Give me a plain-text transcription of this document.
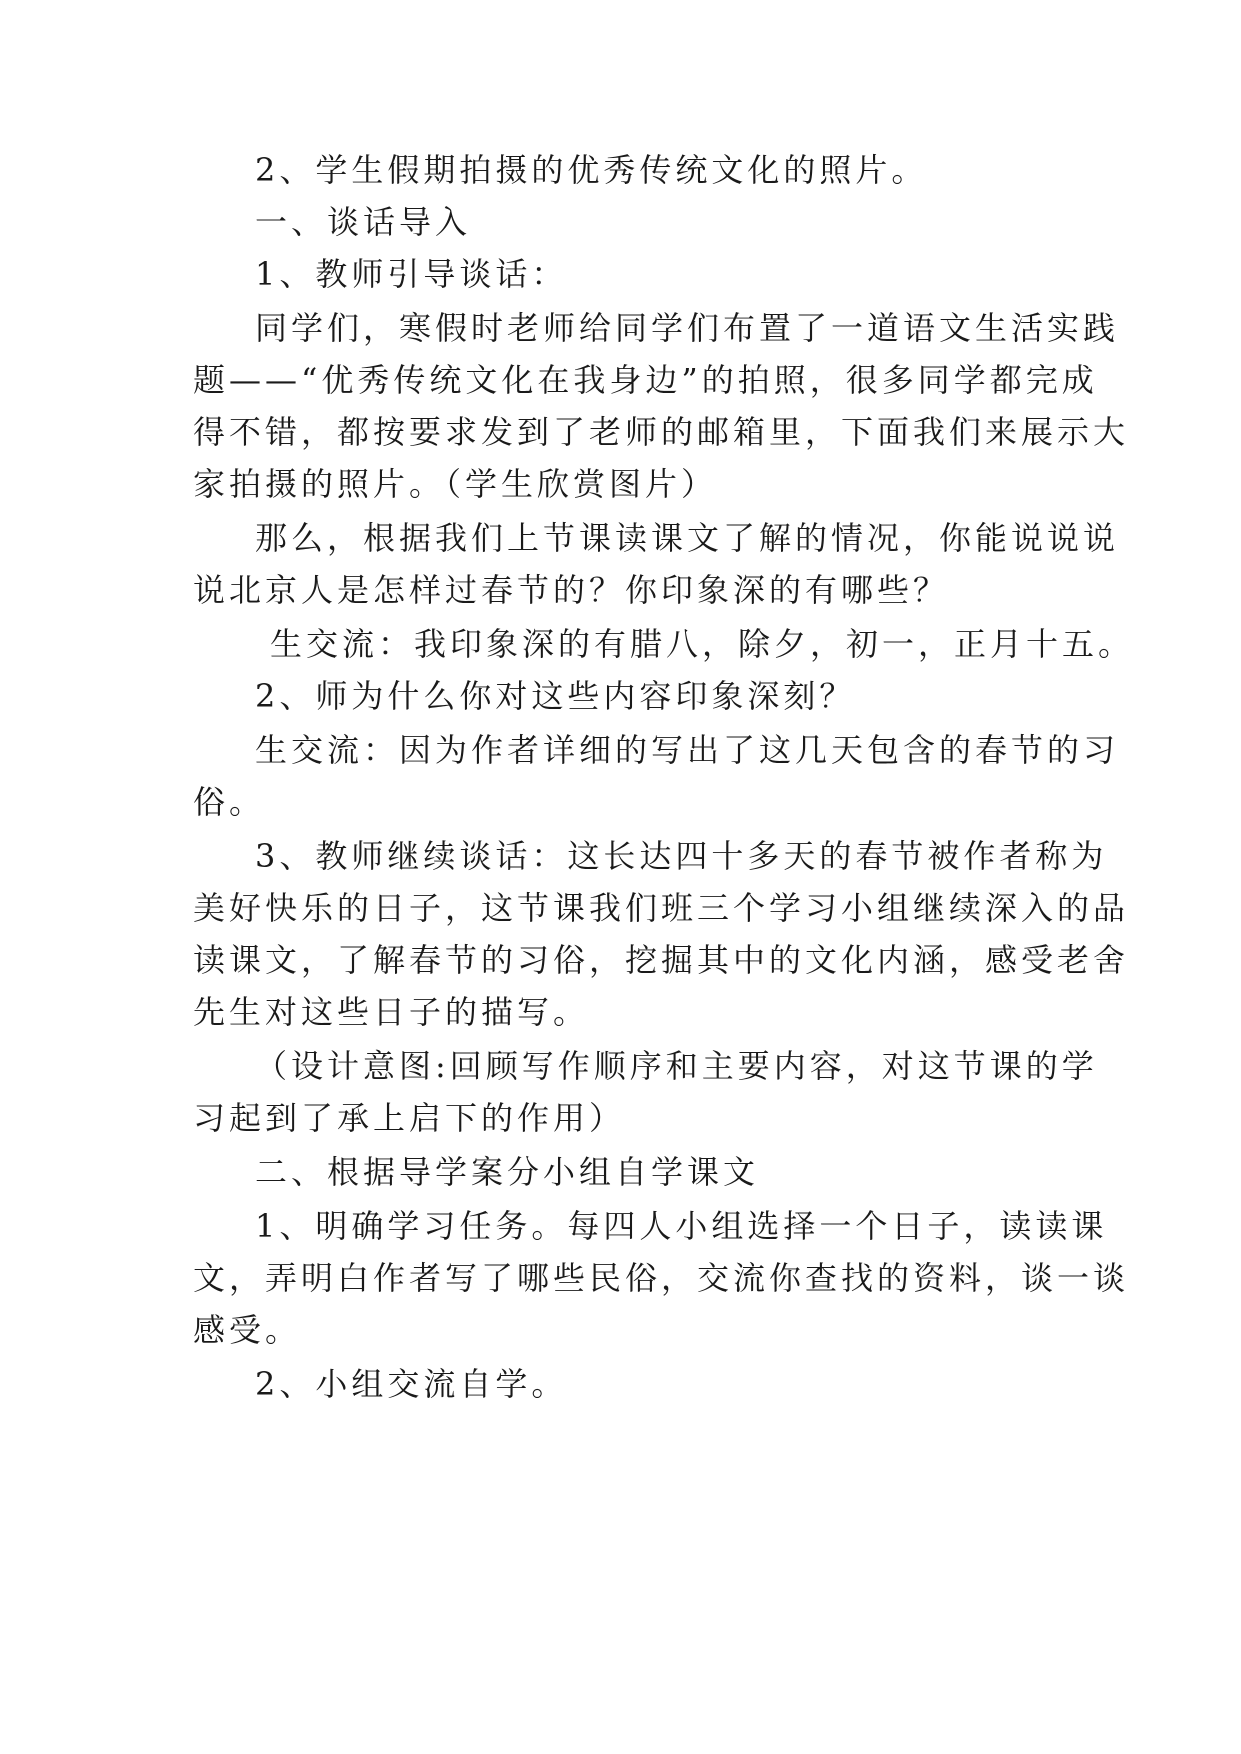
2、学生假期拍摄的优秀传统文化的照片。
一、谈话导入
1、教师引导谈话：
同学们，寒假时老师给同学们布置了一道语文生活实践
题——“优秀传统文化在我身边”的拍照，很多同学都完成
得不错，都按要求发到了老师的邮箱里，下面我们来展示大
家拍摄的照片。（学生欣赏图片）
那么，根据我们上节课读课文了解的情况，你能说说说
说北京人是怎样过春节的？你印象深的有哪些？
生交流：我印象深的有腊八，除夕，初一，正月十五。
2、师为什么你对这些内容印象深刻？
生交流：因为作者详细的写出了这几天包含的春节的习
俗。
3、教师继续谈话：这长达四十多天的春节被作者称为
美好快乐的日子，这节课我们班三个学习小组继续深入的品
读课文，了解春节的习俗，挖掘其中的文化内涵，感受老舍
先生对这些日子的描写。
（设计意图:回顾写作顺序和主要内容，对这节课的学
习起到了承上启下的作用）
二、根据导学案分小组自学课文
1、明确学习任务。每四人小组选择一个日子，读读课
文，弄明白作者写了哪些民俗，交流你查找的资料，谈一谈
感受。
2、小组交流自学。
